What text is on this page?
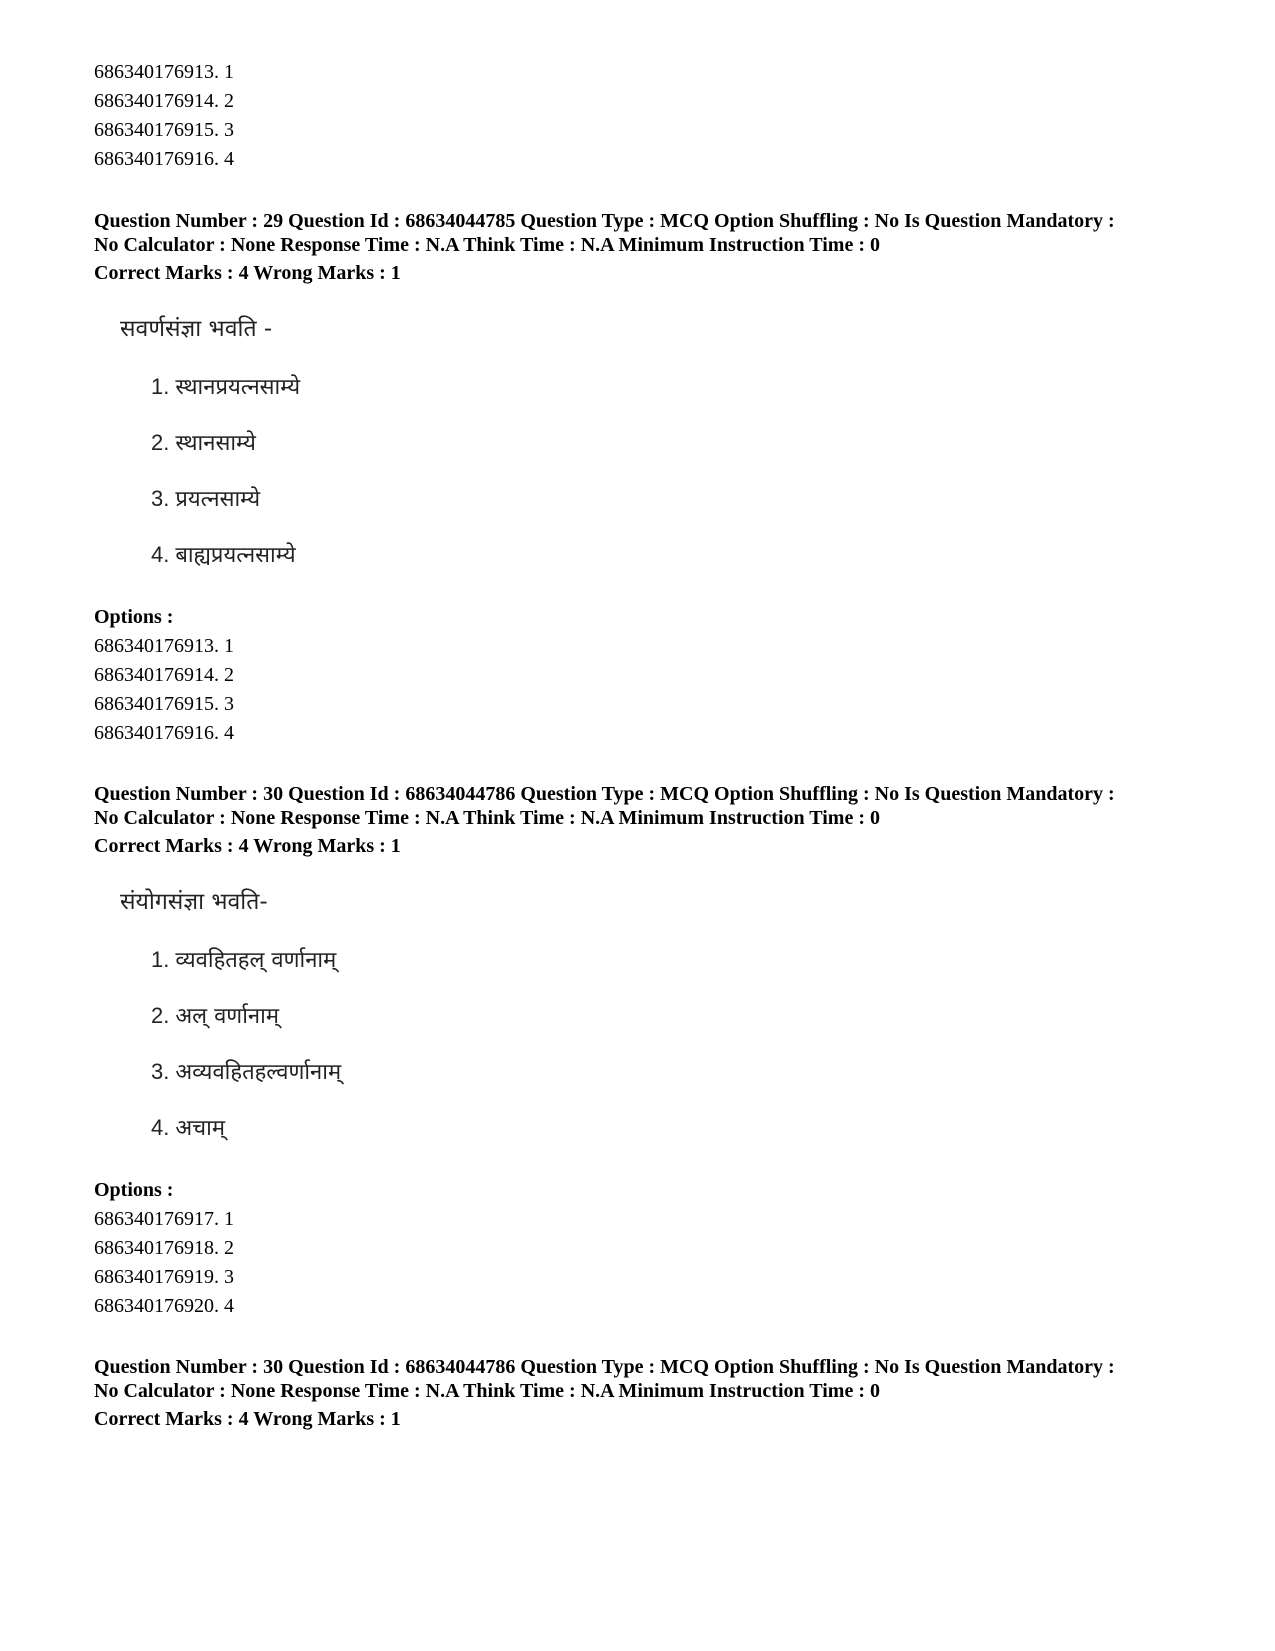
686340176913. 1
686340176914. 2
686340176915. 3
686340176916. 4
Question Number : 29 Question Id : 68634044785 Question Type : MCQ Option Shuffling : No Is Question Mandatory :
No Calculator : None Response Time : N.A Think Time : N.A Minimum Instruction Time : 0
Correct Marks : 4 Wrong Marks : 1
सवर्णसंज्ञा भवति -
1. स्थानप्रयत्नसाम्ये
2. स्थानसाम्ये
3. प्रयत्नसाम्ये
4. बाह्यप्रयत्नसाम्ये
Options :
686340176913. 1
686340176914. 2
686340176915. 3
686340176916. 4
Question Number : 30 Question Id : 68634044786 Question Type : MCQ Option Shuffling : No Is Question Mandatory :
No Calculator : None Response Time : N.A Think Time : N.A Minimum Instruction Time : 0
Correct Marks : 4 Wrong Marks : 1
संयोगसंज्ञा भवति-
1. व्यवहितहल् वर्णानाम्
2. अल् वर्णानाम्
3. अव्यवहितहल्वर्णानाम्
4. अचाम्
Options :
686340176917. 1
686340176918. 2
686340176919. 3
686340176920. 4
Question Number : 30 Question Id : 68634044786 Question Type : MCQ Option Shuffling : No Is Question Mandatory :
No Calculator : None Response Time : N.A Think Time : N.A Minimum Instruction Time : 0
Correct Marks : 4 Wrong Marks : 1
